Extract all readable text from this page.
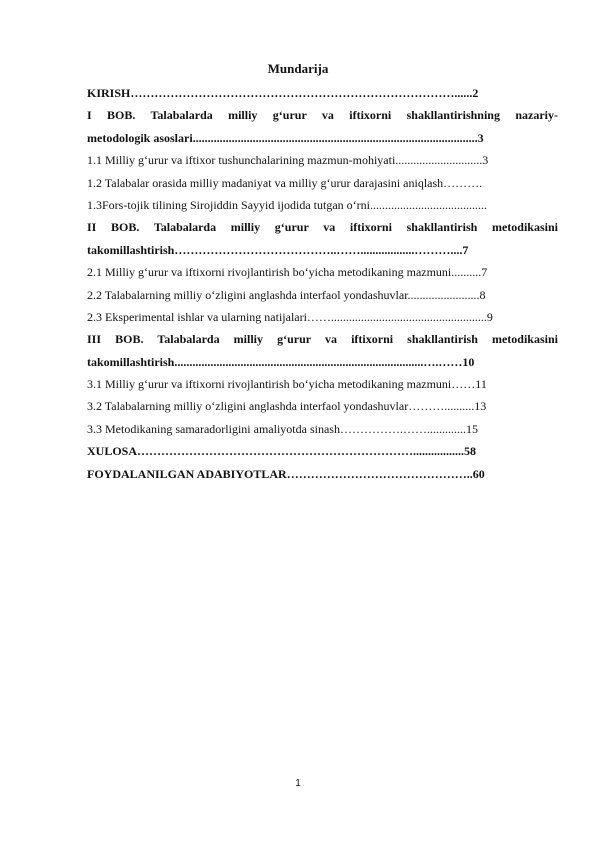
Mundarija
KIRISH………………………………………………………………………......2
I BOB. Talabalarda milliy g‘urur va iftixorni shakllantirishning nazariy-
metodologik asoslari...............................................................................................3
1.1 Milliy g‘urur va iftixor tushunchalarining mazmun-mohiyati.............................3
1.2 Talabalar orasida milliy madaniyat va milliy g‘urur darajasini aniqlash……….
1.3Fors-tojik tilining Sirojiddin Sayyid ijodida tutgan o‘rni.......................................
II BOB. Talabalarda milliy g‘urur va iftixorni shakllantirish metodikasini
takomillashtirish…………………………………..……..................………....7
2.1 Milliy g‘urur va iftixorni rivojlantirish bo‘yicha metodikaning mazmuni..........7
2.2 Talabalarning milliy o‘zligini anglashda interfaol yondashuvlar........................8
2.3 Eksperimental ishlar va ularning natijalari……....................................................9
III BOB. Talabalarda milliy g‘urur va iftixorni shakllantirish metodikasini
takomillashtirish...................................................................................….……10
3.1 Milliy g‘urur va iftixorni rivojlantirish bo‘yicha metodikaning mazmuni……11
3.2 Talabalarning milliy o‘zligini anglashda interfaol yondashuvlar………..........13
3.3 Metodikaning samaradorligini amaliyotda sinash…………….…….............15
XULOSA…………………………………………………………….................58
FOYDALANILGAN ADABIYOTLAR………………………………………..60
1
